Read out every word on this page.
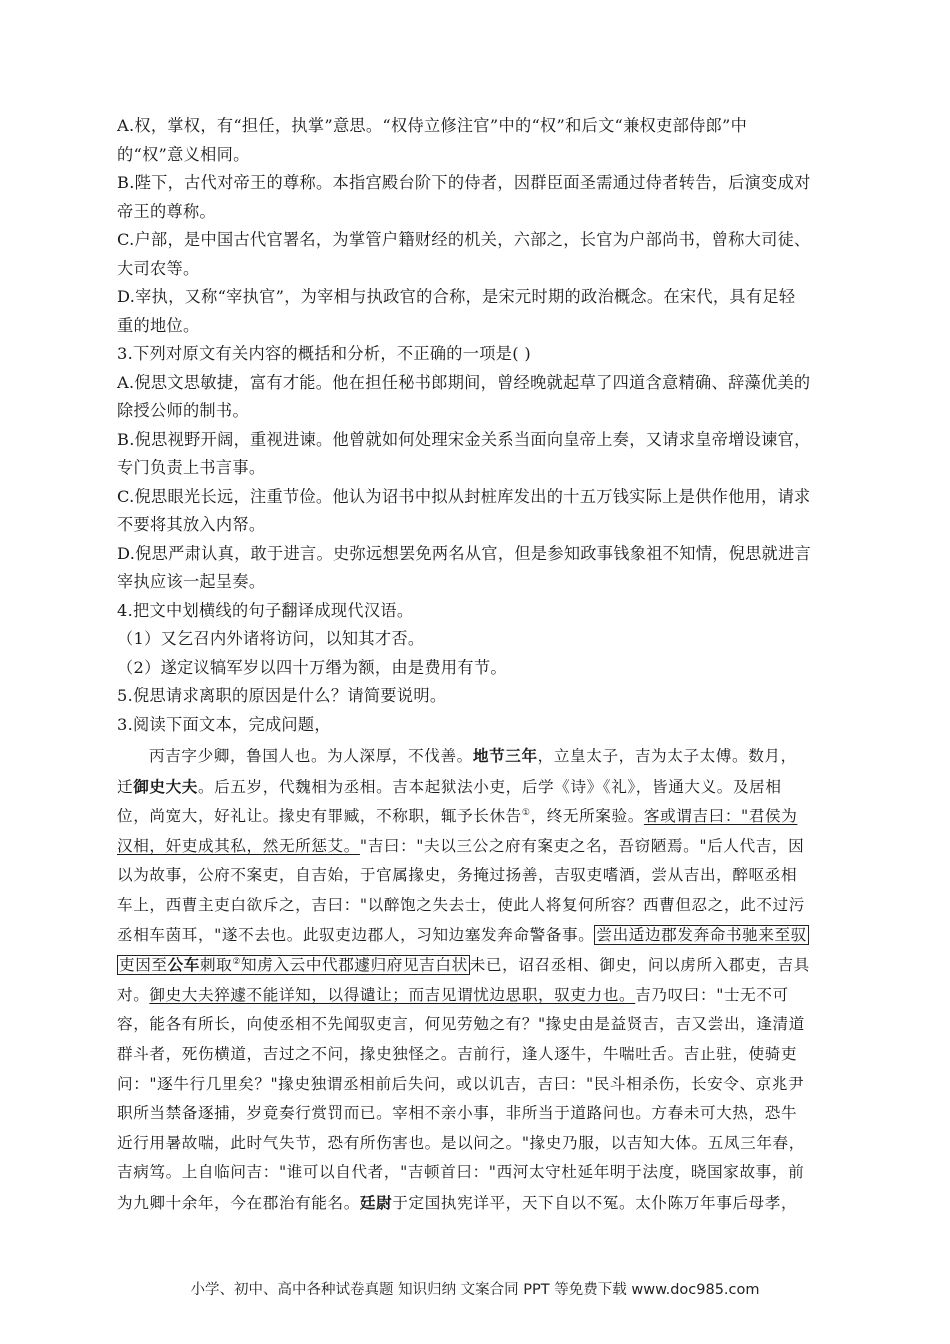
A.权，掌权，有“担任，执掌”意思。“权侍立修注官”中的“权”和后文“兼权吏部侍郎”中
的“权”意义相同。
B.陛下，古代对帝王的尊称。本指宫殿台阶下的侍者，因群臣面圣需通过侍者转告，后演变成对
帝王的尊称。
C.户部，是中国古代官署名，为掌管户籍财经的机关，六部之，长官为户部尚书，曾称大司徒、
大司农等。
D.宰执，又称“宰执官”，为宰相与执政官的合称，是宋元时期的政治概念。在宋代，具有足轻
重的地位。
3.下列对原文有关内容的概括和分析，不正确的一项是( )
A.倪思文思敏捷，富有才能。他在担任秘书郎期间，曾经晚就起草了四道含意精确、辞藻优美的
除授公师的制书。
B.倪思视野开阔，重视进谏。他曾就如何处理宋金关系当面向皇帝上奏，又请求皇帝增设谏官，
专门负责上书言事。
C.倪思眼光长远，注重节俭。他认为诏书中拟从封桩库发出的十五万钱实际上是供作他用，请求
不要将其放入内帑。
D.倪思严肃认真，敢于进言。史弥远想罢免两名从官，但是参知政事钱象祖不知情，倪思就进言
宰执应该一起呈奏。
4.把文中划横线的句子翻译成现代汉语。
（1）又乞召内外诸将访问，以知其才否。
（2）遂定议犒军岁以四十万缗为额，由是费用有节。
5.倪思请求离职的原因是什么？请简要说明。
3.阅读下面文本，完成问题，
丙吉字少卿，鲁国人也。为人深厚，不伐善。地节三年，立皇太子，吉为太子太傅。数月，
迁御史大夫。后五岁，代魏相为丞相。吉本起狱法小吏，后学《诗》《礼》，皆通大义。及居相
位，尚宽大，好礼让。掾史有罪臧，不称职，辄予长休告①，终无所案验。客或谓吉曰："君侯为
汉相，奸吏成其私，然无所惩艾。"吉曰："夫以三公之府有案吏之名，吾窃陋焉。"后人代吉，因
以为故事，公府不案吏，自吉始，于官属掾史，务掩过扬善，吉驭吏嗜酒，尝从吉出，醉呕丞相
车上，西曹主吏白欲斥之，吉曰："以醉饱之失去士，使此人将复何所容？西曹但忍之，此不过污
丞相车茵耳，"遂不去也。此驭吏边郡人，习知边塞发奔命警备事。 尝出适边郡发奔命书驰来至驭
吏因至公车刺取②知虏入云中代郡遽归府见吉白状 未已，诏召丞相、御史，问以虏所入郡吏，吉具
对。御史大夫猝遽不能详知，以得谴让；而吉见谓忧边思职，驭吏力也。吉乃叹曰："士无不可
容，能各有所长，向使丞相不先闻驭吏言，何见劳勉之有？"掾史由是益贤吉，吉又尝出，逢清道
群斗者，死伤横道，吉过之不问，掾史独怪之。吉前行，逢人逐牛，牛喘吐舌。吉止驻，使骑吏
问："逐牛行几里矣？"掾史独谓丞相前后失问，或以讥吉，吉曰："民斗相杀伤，长安令、京兆尹
职所当禁备逐捕，岁竟奏行赏罚而已。宰相不亲小事，非所当于道路问也。方春未可大热，恐牛
近行用暑故喘，此时气失节，恐有所伤害也。是以问之。"掾史乃服，以吉知大体。五凤三年春，
吉病笃。上自临问吉："谁可以自代者，"吉顿首曰："西河太守杜延年明于法度，晓国家故事，前
为九卿十余年，今在郡治有能名。廷尉于定国执宪详平，天下自以不冤。太仆陈万年事后母孝，
小学、初中、高中各种试卷真题 知识归纳 文案合同 PPT 等免费下载 www.doc985.com
